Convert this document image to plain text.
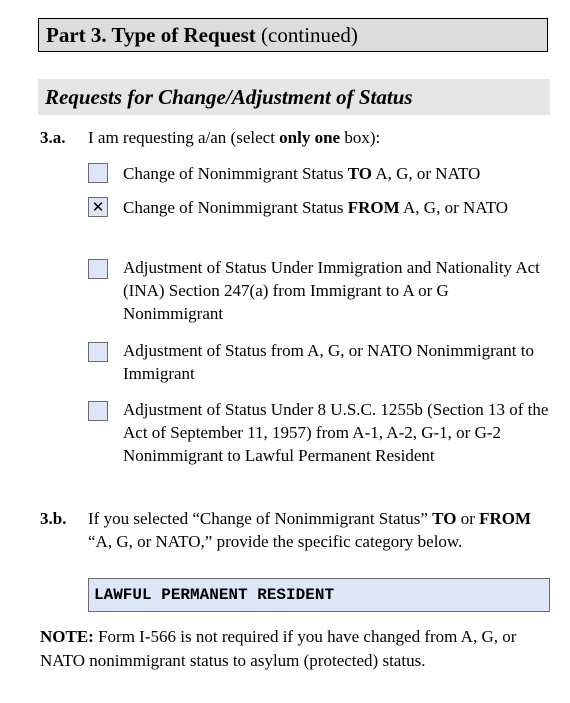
Part 3. Type of Request (continued)
Requests for Change/Adjustment of Status
3.a. I am requesting a/an (select only one box):
Change of Nonimmigrant Status TO A, G, or NATO
✕ Change of Nonimmigrant Status FROM A, G, or NATO
Adjustment of Status Under Immigration and Nationality Act (INA) Section 247(a) from Immigrant to A or G Nonimmigrant
Adjustment of Status from A, G, or NATO Nonimmigrant to Immigrant
Adjustment of Status Under 8 U.S.C. 1255b (Section 13 of the Act of September 11, 1957) from A-1, A-2, G-1, or G-2 Nonimmigrant to Lawful Permanent Resident
3.b. If you selected “Change of Nonimmigrant Status” TO or FROM “A, G, or NATO,” provide the specific category below.
LAWFUL PERMANENT RESIDENT
NOTE: Form I-566 is not required if you have changed from A, G, or NATO nonimmigrant status to asylum (protected) status.
